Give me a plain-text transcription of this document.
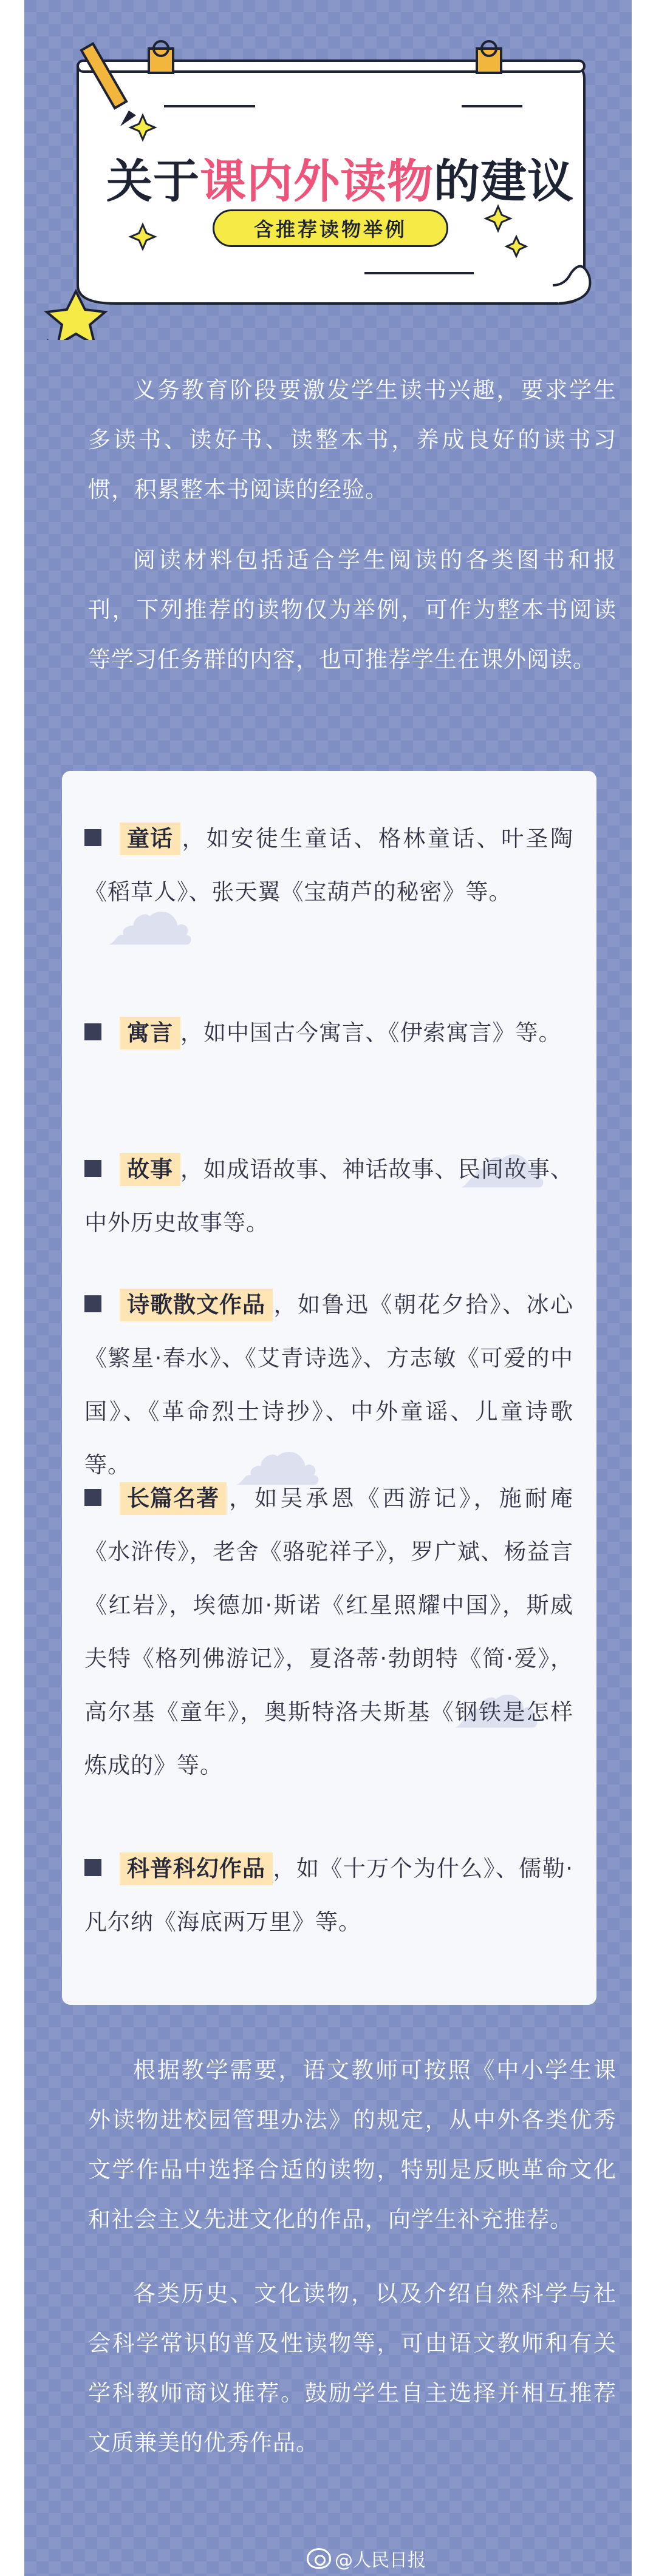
关于课内外读物的建议
含推荐读物举例

义务教育阶段要激发学生读书兴趣，要求学生多读书、读好书、读整本书，养成良好的读书习惯，积累整本书阅读的经验。

阅读材料包括适合学生阅读的各类图书和报刊，下列推荐的读物仅为举例，可作为整本书阅读等学习任务群的内容，也可推荐学生在课外阅读。

☁
☁
☁
☁
童话 ，如安徒生童话、格林童话、叶圣陶《稻草人》、张天翼《宝葫芦的秘密》等。
寓言 ，如中国古今寓言、《伊索寓言》等。
故事 ，如成语故事、神话故事、民间故事、中外历史故事等。
诗歌散文作品 ，如鲁迅《朝花夕拾》、冰心《繁星·春水》、《艾青诗选》、方志敏《可爱的中国》、《革命烈士诗抄》、中外童谣、儿童诗歌等。
长篇名著 ，如吴承恩《西游记》，施耐庵《水浒传》，老舍《骆驼祥子》，罗广斌、杨益言《红岩》，埃德加·斯诺《红星照耀中国》，斯威夫特《格列佛游记》，夏洛蒂·勃朗特《简·爱》，高尔基《童年》，奥斯特洛夫斯基《钢铁是怎样炼成的》等。
科普科幻作品 ，如《十万个为什么》、儒勒·凡尔纳《海底两万里》等。

根据教学需要，语文教师可按照《中小学生课外读物进校园管理办法》的规定，从中外各类优秀文学作品中选择合适的读物，特别是反映革命文化和社会主义先进文化的作品，向学生补充推荐。

各类历史、文化读物，以及介绍自然科学与社会科学常识的普及性读物等，可由语文教师和有关学科教师商议推荐。鼓励学生自主选择并相互推荐文质兼美的优秀作品。

@人民日报
